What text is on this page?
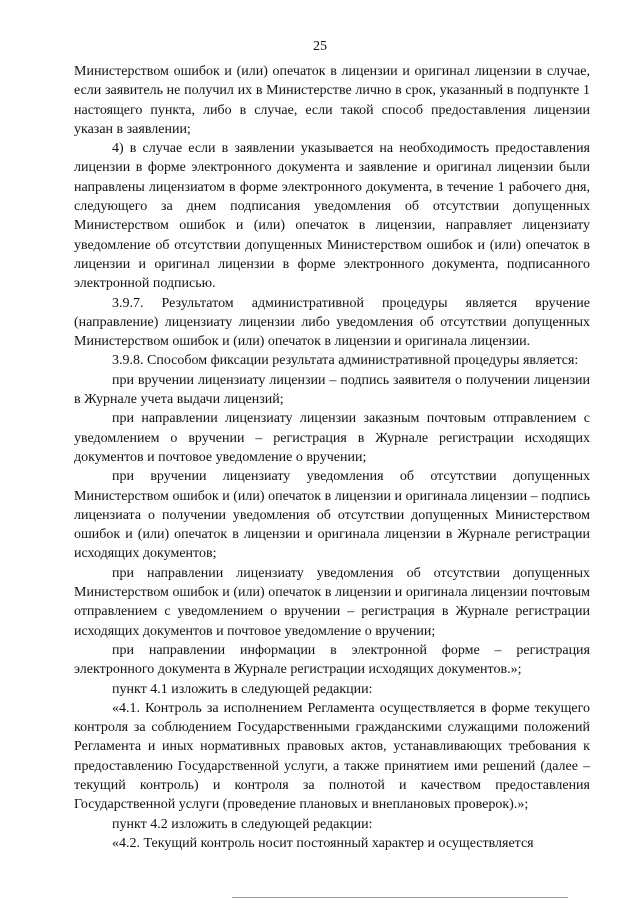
25

Министерством ошибок и (или) опечаток в лицензии и оригинал лицензии в случае, если заявитель не получил их в Министерстве лично в срок, указанный в подпункте 1 настоящего пункта, либо в случае, если такой способ предоставления лицензии указан в заявлении;

4) в случае если в заявлении указывается на необходимость предоставления лицензии в форме электронного документа и заявление и оригинал лицензии были направлены лицензиатом в форме электронного документа, в течение 1 рабочего дня, следующего за днем подписания уведомления об отсутствии допущенных Министерством ошибок и (или) опечаток в лицензии, направляет лицензиату уведомление об отсутствии допущенных Министерством ошибок и (или) опечаток в лицензии и оригинал лицензии в форме электронного документа, подписанного электронной подписью.

3.9.7. Результатом административной процедуры является вручение (направление) лицензиату лицензии либо уведомления об отсутствии допущенных Министерством ошибок и (или) опечаток в лицензии и оригинала лицензии.

3.9.8. Способом фиксации результата административной процедуры является:

при вручении лицензиату лицензии – подпись заявителя о получении лицензии в Журнале учета выдачи лицензий;

при направлении лицензиату лицензии заказным почтовым отправлением с уведомлением о вручении – регистрация в Журнале регистрации исходящих документов и почтовое уведомление о вручении;

при вручении лицензиату уведомления об отсутствии допущенных Министерством ошибок и (или) опечаток в лицензии и оригинала лицензии – подпись лицензиата о получении уведомления об отсутствии допущенных Министерством ошибок и (или) опечаток в лицензии и оригинала лицензии в Журнале регистрации исходящих документов;

при направлении лицензиату уведомления об отсутствии допущенных Министерством ошибок и (или) опечаток в лицензии и оригинала лицензии почтовым отправлением с уведомлением о вручении – регистрация в Журнале регистрации исходящих документов и почтовое уведомление о вручении;

при направлении информации в электронной форме – регистрация электронного документа в Журнале регистрации исходящих документов.»;

пункт 4.1 изложить в следующей редакции:

«4.1. Контроль за исполнением Регламента осуществляется в форме текущего контроля за соблюдением Государственными гражданскими служащими положений Регламента и иных нормативных правовых актов, устанавливающих требования к предоставлению Государственной услуги, а также принятием ими решений (далее – текущий контроль) и контроля за полнотой и качеством предоставления Государственной услуги (проведение плановых и внеплановых проверок).»;

пункт 4.2 изложить в следующей редакции:

«4.2. Текущий контроль носит постоянный характер и осуществляется
